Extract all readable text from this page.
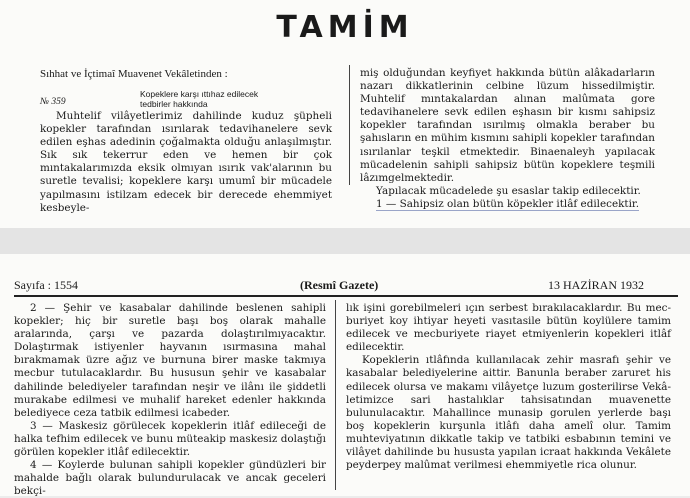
TAMİM
Sıhhat ve İçtimaî Muavenet Vekâletinden :
№ 359
Kopeklere karşı ıttıhaz edilecek tedbirler hakkında

Muhtelif vilâyetlerimiz dahilinde kuduz şüpheli kopekler tarafından ısırılarak tedavihanelere sevk edilen eşhas adedinin çoğalmakta olduğu anlaşılmıştır. Sık sık tekerrur eden ve hemen bir çok mıntakalarımızda eksik olmıyan ısırık vak'alarının bu suretle tevalisi; kopeklere karşı umumî bir mücadele yapılmasını istilzam edecek bir derecede ehemmiyet kesbeyle-

miş olduğundan keyfiyet hakkında bütün alâkadarların nazarı dikkatlerinin celbine lüzum hissedilmiştir. Muhtelif mıntakalardan alınan malûmata gore tedavihanelere sevk edilen eşhasın bir kısmı sahipsiz kopekler tarafından ısırılmış olmakla beraber bu şahısların en mühim kısmını sahipli kopekler tarafından ısırılanlar teşkil etmektedir. Binaenaleyh yapılacak mücadelenin sahipli sahipsiz bütün kopeklere teşmili lâzımgelmektedir.

Yapılacak mücadelede şu esaslar takip edilecektir.

1 — Sahipsiz olan bütün köpekler itlâf edilecektir.

Sayıfa : 1554	(Resmî Gazete)	13 HAZİRAN 1932

2 — Şehir ve kasabalar dahilinde beslenen sahipli kopekler; hiç bir suretle başı boş olarak mahalle aralarında, çarşı ve pazarda dolaştırılmıyacaktır. Dolaştırmak istiyenler hayvanın ısırmasına mahal bırakmamak üzre ağız ve burnuna birer maske takmıya mecbur tutulacaklardır. Bu hususun şehir ve kasabalar dahilinde belediyeler tarafından neşir ve ilânı ile şiddetli murakabe edilmesi ve muhalif hareket edenler hakkında belediyece ceza tatbik edilmesi icabeder.

3 — Maskesiz görülecek kopeklerin itlâf edileceği de halka tefhim edilecek ve bunu müteakip maskesiz dolaştığı görülen kopekler itlâf edilecektir.

4 — Koylerde bulunan sahipli kopekler gündüzleri bir mahalde bağlı olarak bulundurulacak ve ancak geceleri bekçi-

lık işini gorebilmeleri ıçın serbest bırakılacaklardır. Bu mecburiyet koy ihtiyar heyeti vasıtasile bütün koylülere tamim edilecek ve mecburiyete riayet etmiyenlerin kopekleri itlâf edilecektir.

Kopeklerin ıtlâfında kullanılacak zehir masrafı şehir ve kasabalar belediyelerine aittir. Banunla beraber zaruret his edilecek olursa ve makamı vilâyetçe luzum gosterilirse Vekâletimizce sari hastalıklar tahsisatından muavenette bulunulacaktır. Mahallince munasip gorulen yerlerde başı boş kopeklerin kurşunla itlâfı daha amelî olur. Tamim muhteviyatının dikkatle takip ve tatbiki esbabının temini ve vilâyet dahilinde bu hususta yapılan icraat hakkında Vekâlete peyderpey malûmat verilmesi ehemmiyetle rica olunur.
